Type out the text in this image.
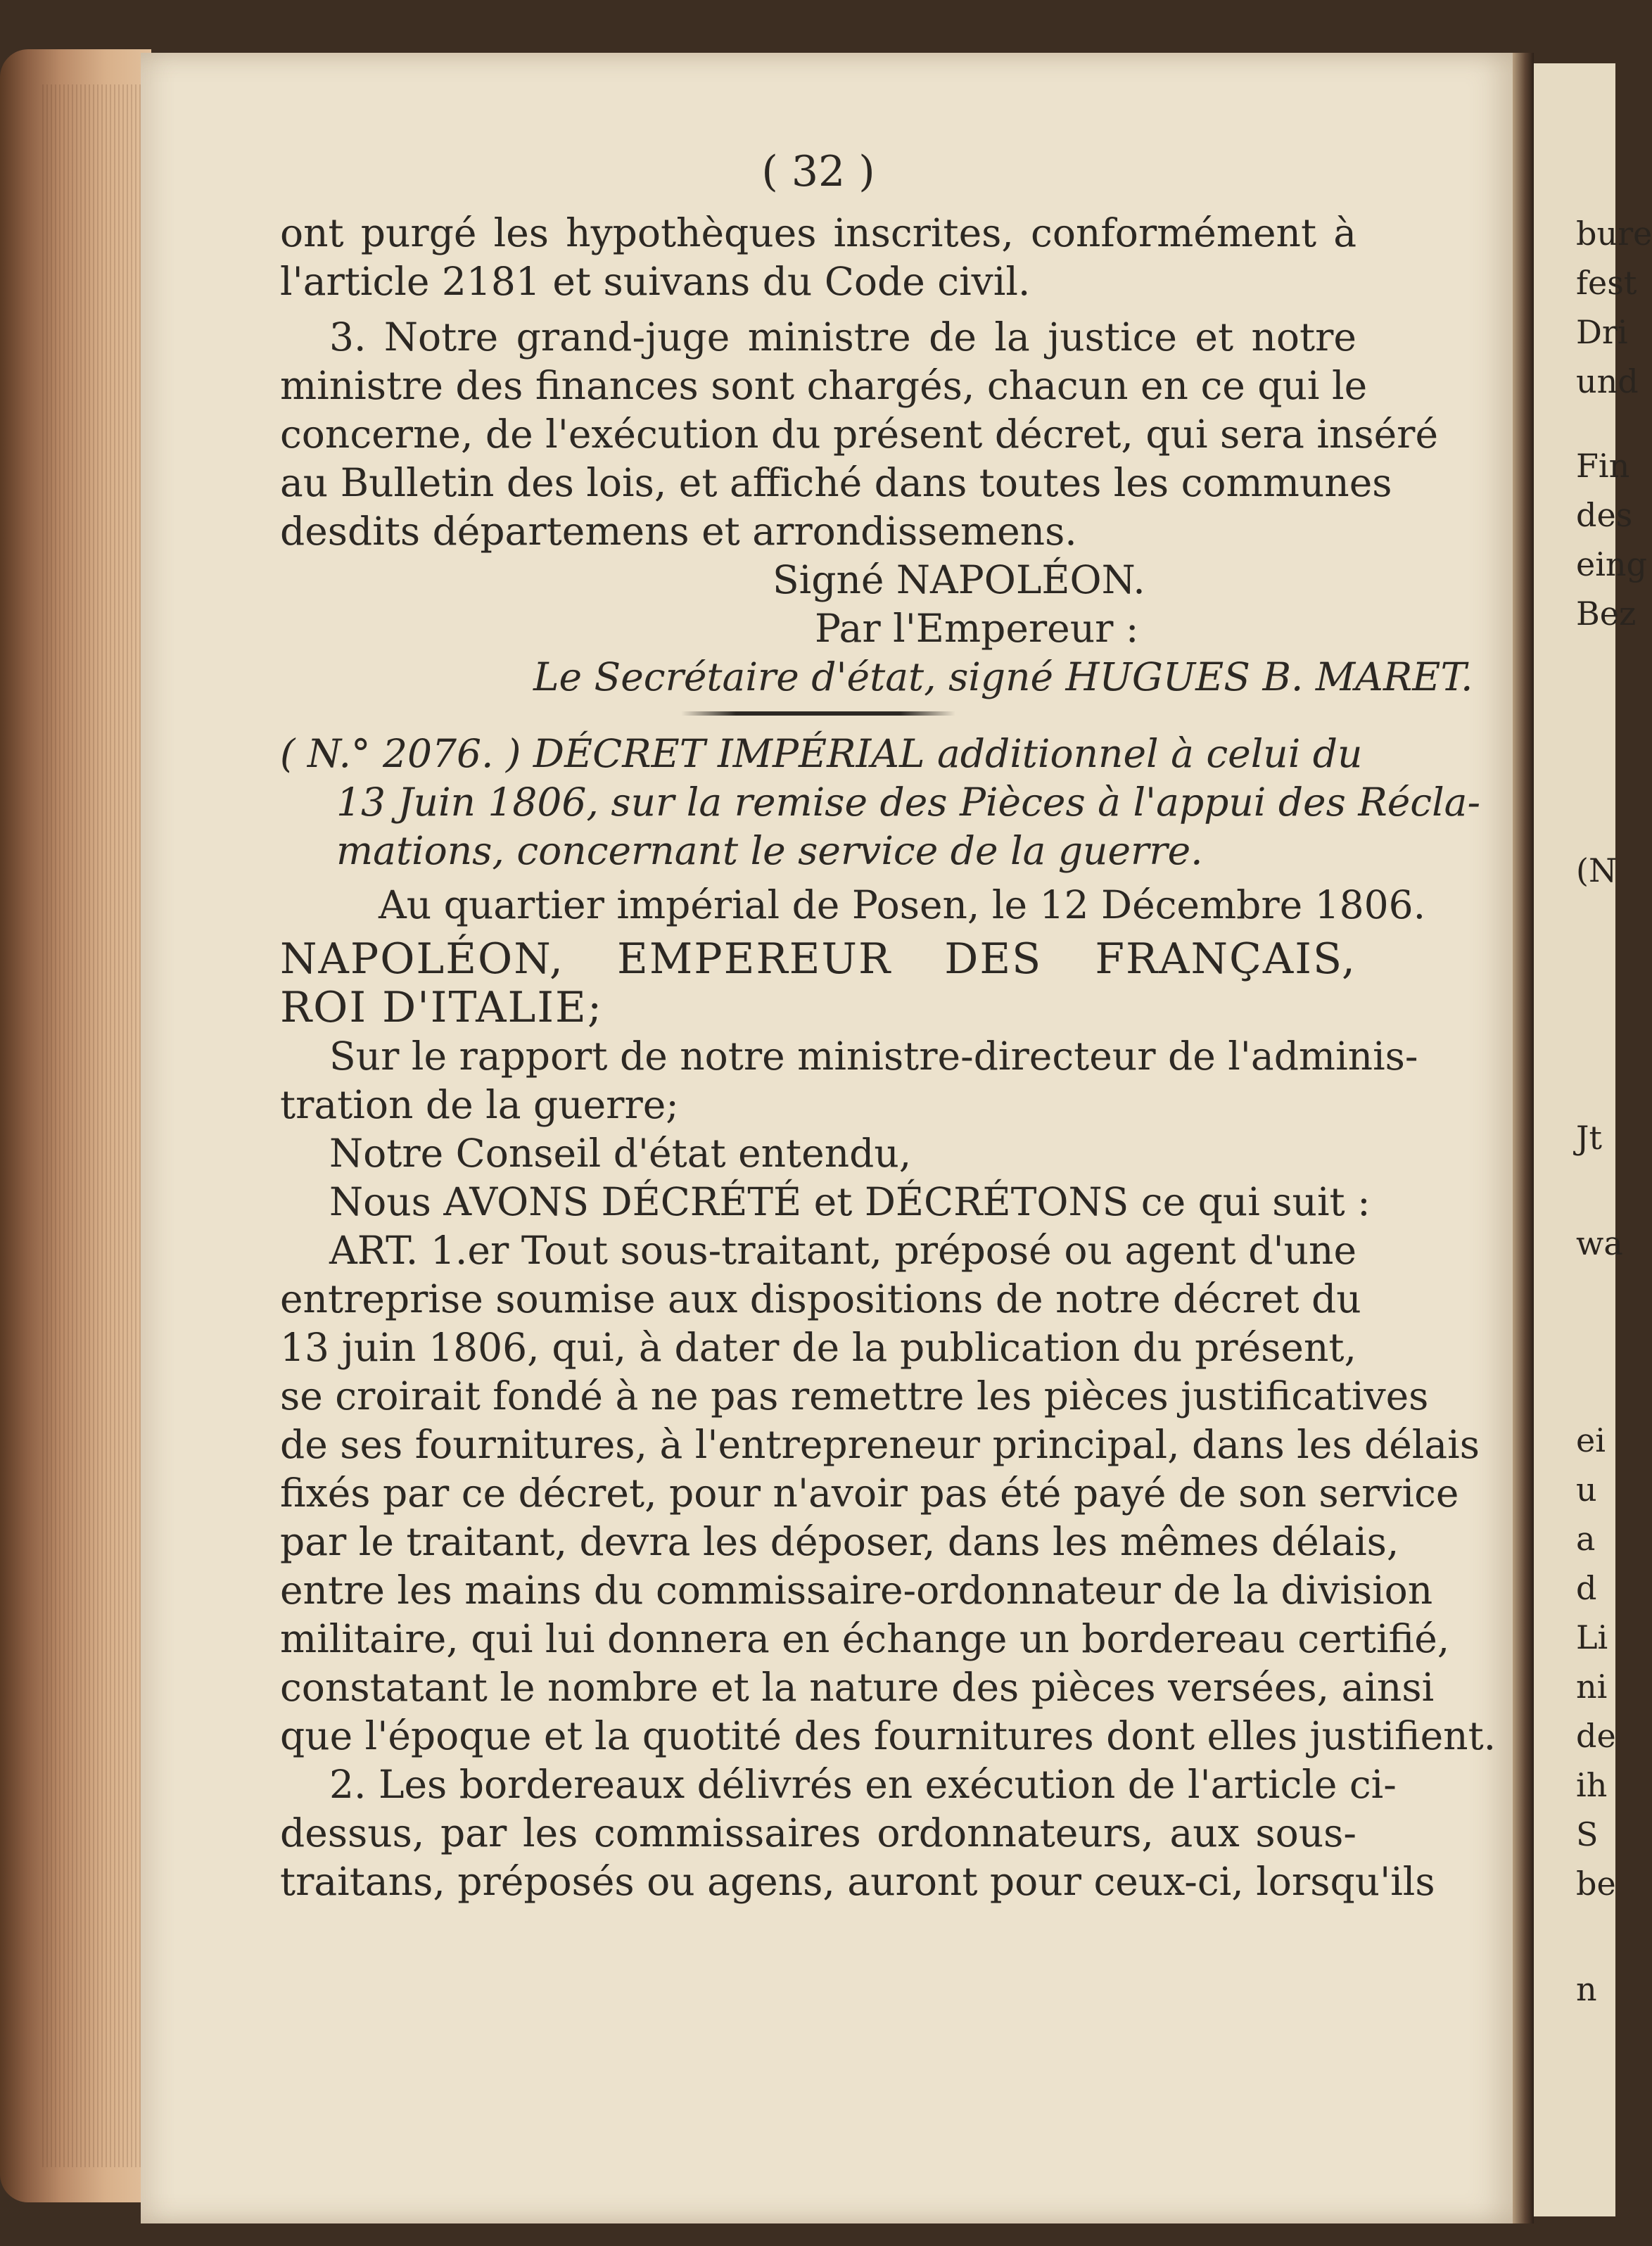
bure
fest
Dri
und
Fin
des
eing
Bez
(N
Jt
wa
ei
u
a
d
Li
ni
de
ih
S
be
n
( 32 )
ont purgé les hypothèques inscrites, conformément à
l'article 2181 et suivans du Code civil.
3. Notre grand-juge ministre de la justice et notre
ministre des finances sont chargés, chacun en ce qui le
concerne, de l'exécution du présent décret, qui sera inséré
au Bulletin des lois, et affiché dans toutes les communes
desdits départemens et arrondissemens.
Signé NAPOLÉON.
Par l'Empereur :
Le Secrétaire d'état, signé HUGUES B. MARET.
( N.° 2076. ) DÉCRET IMPÉRIAL additionnel à celui du
13 Juin 1806, sur la remise des Pièces à l'appui des Récla-
mations, concernant le service de la guerre.
Au quartier impérial de Posen, le 12 Décembre 1806.
NAPOLÉON, EMPEREUR DES FRANÇAIS,
ROI D'ITALIE;
Sur le rapport de notre ministre-directeur de l'adminis-
tration de la guerre;
Notre Conseil d'état entendu,
Nous AVONS DÉCRÉTÉ et DÉCRÉTONS ce qui suit :
ART. 1.er Tout sous-traitant, préposé ou agent d'une
entreprise soumise aux dispositions de notre décret du
13 juin 1806, qui, à dater de la publication du présent,
se croirait fondé à ne pas remettre les pièces justificatives
de ses fournitures, à l'entrepreneur principal, dans les délais
fixés par ce décret, pour n'avoir pas été payé de son service
par le traitant, devra les déposer, dans les mêmes délais,
entre les mains du commissaire-ordonnateur de la division
militaire, qui lui donnera en échange un bordereau certifié,
constatant le nombre et la nature des pièces versées, ainsi
que l'époque et la quotité des fournitures dont elles justifient.
2. Les bordereaux délivrés en exécution de l'article ci-
dessus, par les commissaires ordonnateurs, aux sous-
traitans, préposés ou agens, auront pour ceux-ci, lorsqu'ils
